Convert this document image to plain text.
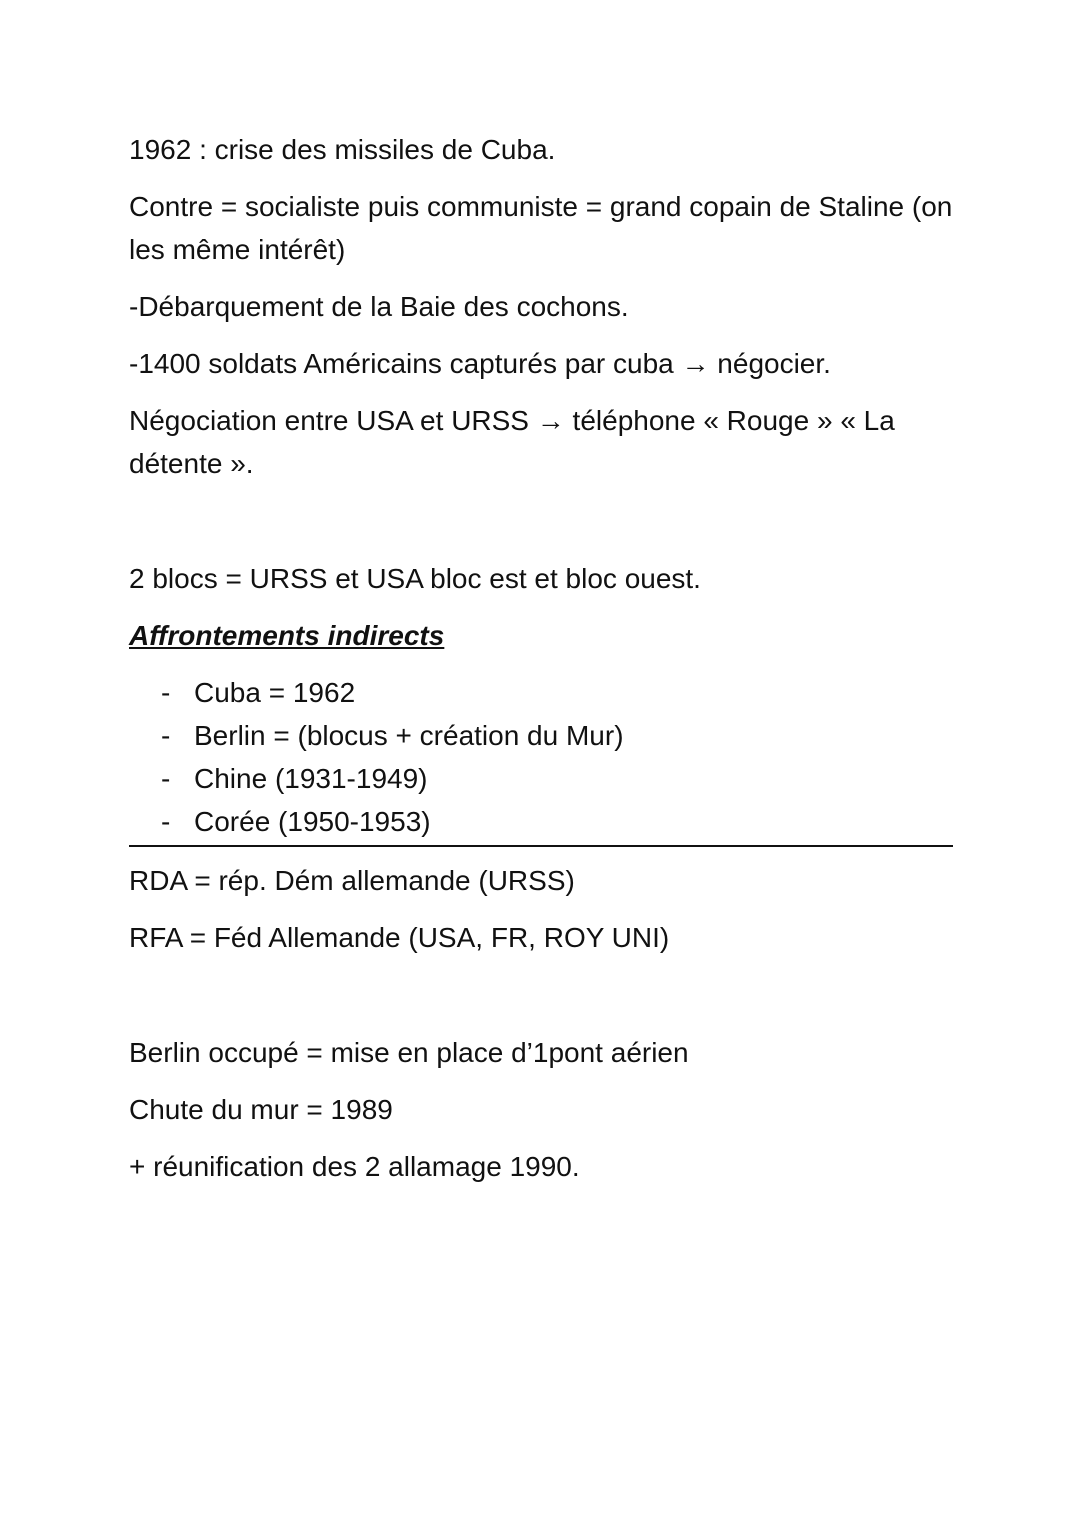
1962 : crise des missiles de Cuba.

Contre = socialiste puis communiste = grand copain de Staline (on les même intérêt)

-Débarquement de la Baie des cochons.

-1400 soldats Américains capturés par cuba → négocier.

Négociation entre USA et URSS → téléphone « Rouge » « La détente ».

2 blocs = URSS et USA bloc est et bloc ouest.

Affrontements indirects

- Cuba = 1962
- Berlin = (blocus + création du Mur)
- Chine (1931-1949)
- Corée (1950-1953)

RDA = rép. Dém allemande (URSS)

RFA = Féd Allemande (USA, FR, ROY UNI)

Berlin occupé = mise en place d’1pont aérien

Chute du mur = 1989

+ réunification des 2 allamage 1990.
